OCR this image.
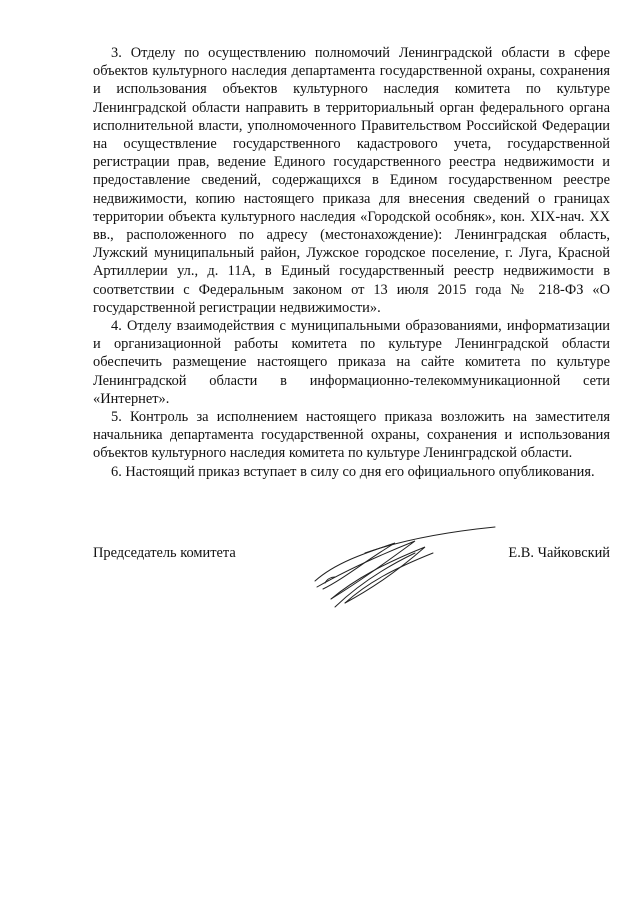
3. Отделу по осуществлению полномочий Ленинградской области в сфере объектов культурного наследия департамента государственной охраны, сохранения и использования объектов культурного наследия комитета по культуре Ленинградской области направить в территориальный орган федерального органа исполнительной власти, уполномоченного Правительством Российской Федерации на осуществление государственного кадастрового учета, государственной регистрации прав, ведение Единого государственного реестра недвижимости и предоставление сведений, содержащихся в Едином государственном реестре недвижимости, копию настоящего приказа для внесения сведений о границах территории объекта культурного наследия «Городской особняк», кон. XIX-нач. XX вв., расположенного по адресу (местонахождение): Ленинградская область, Лужский муниципальный район, Лужское городское поселение, г. Луга, Красной Артиллерии ул., д. 11А, в Единый государственный реестр недвижимости в соответствии с Федеральным законом от 13 июля 2015 года № 218-ФЗ «О государственной регистрации недвижимости».

4. Отделу взаимодействия с муниципальными образованиями, информатизации и организационной работы комитета по культуре Ленинградской области обеспечить размещение настоящего приказа на сайте комитета по культуре Ленинградской области в информационно-телекоммуникационной сети «Интернет».

5. Контроль за исполнением настоящего приказа возложить на заместителя начальника департамента государственной охраны, сохранения и использования объектов культурного наследия комитета по культуре Ленинградской области.

6. Настоящий приказ вступает в силу со дня его официального опубликования.

Председатель комитета	Е.В. Чайковский
